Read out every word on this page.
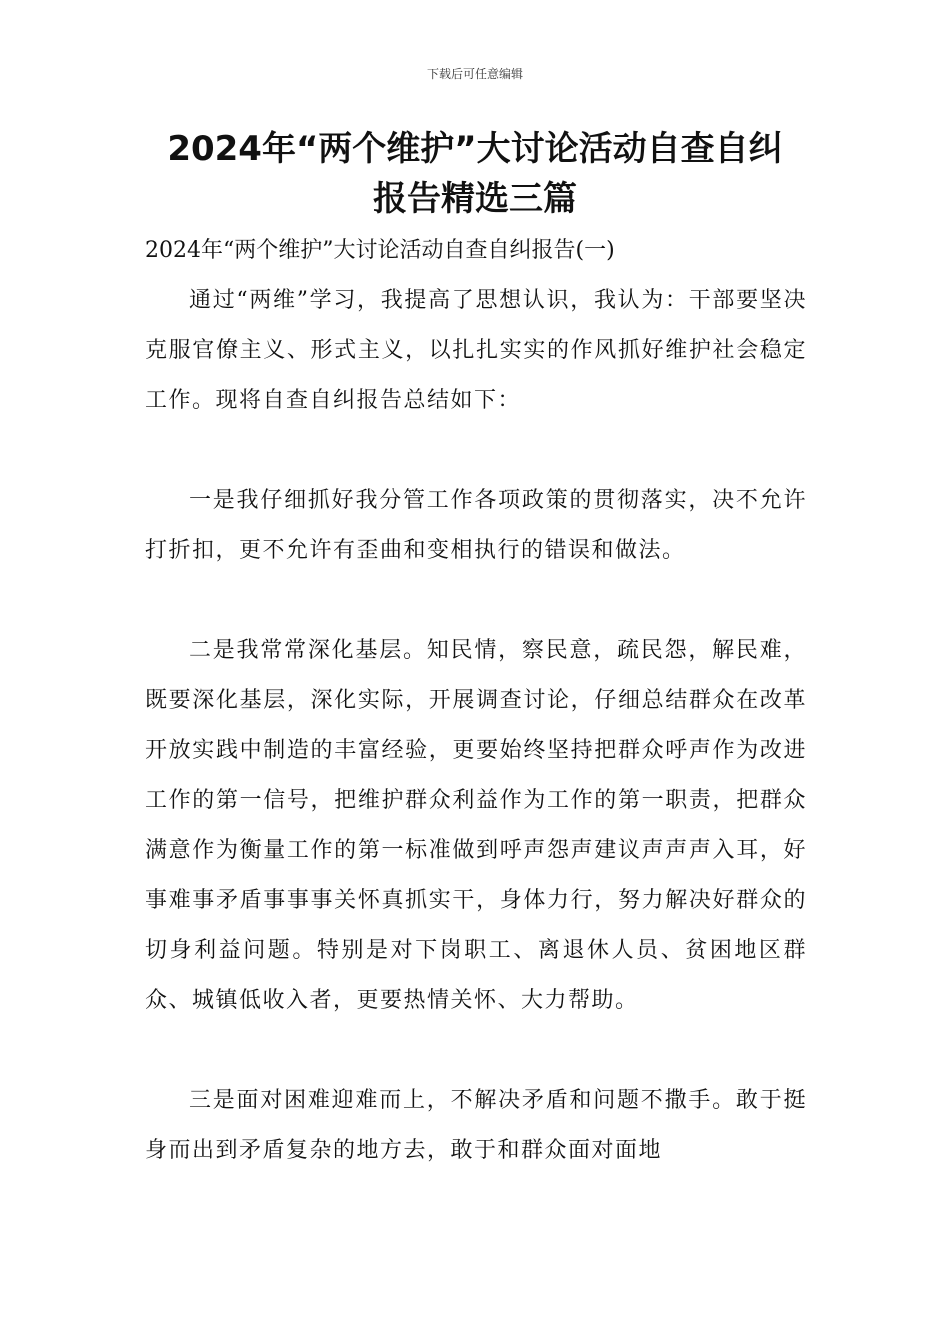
下载后可任意编辑
2024年“两个维护”大讨论活动自查自纠
报告精选三篇

2024年“两个维护”大讨论活动自查自纠报告(一)

通过“两维”学习，我提高了思想认识，我认为：干部要坚决克服官僚主义、形式主义，以扎扎实实的作风抓好维护社会稳定工作。现将自查自纠报告总结如下：

一是我仔细抓好我分管工作各项政策的贯彻落实，决不允许打折扣，更不允许有歪曲和变相执行的错误和做法。

二是我常常深化基层。知民情，察民意，疏民怨，解民难，既要深化基层，深化实际，开展调查讨论，仔细总结群众在改革开放实践中制造的丰富经验，更要始终坚持把群众呼声作为改进工作的第一信号，把维护群众利益作为工作的第一职责，把群众满意作为衡量工作的第一标准做到呼声怨声建议声声声入耳，好事难事矛盾事事事关怀真抓实干，身体力行，努力解决好群众的切身利益问题。特别是对下岗职工、离退休人员、贫困地区群众、城镇低收入者，更要热情关怀、大力帮助。

三是面对困难迎难而上，不解决矛盾和问题不撒手。敢于挺身而出到矛盾复杂的地方去，敢于和群众面对面地
